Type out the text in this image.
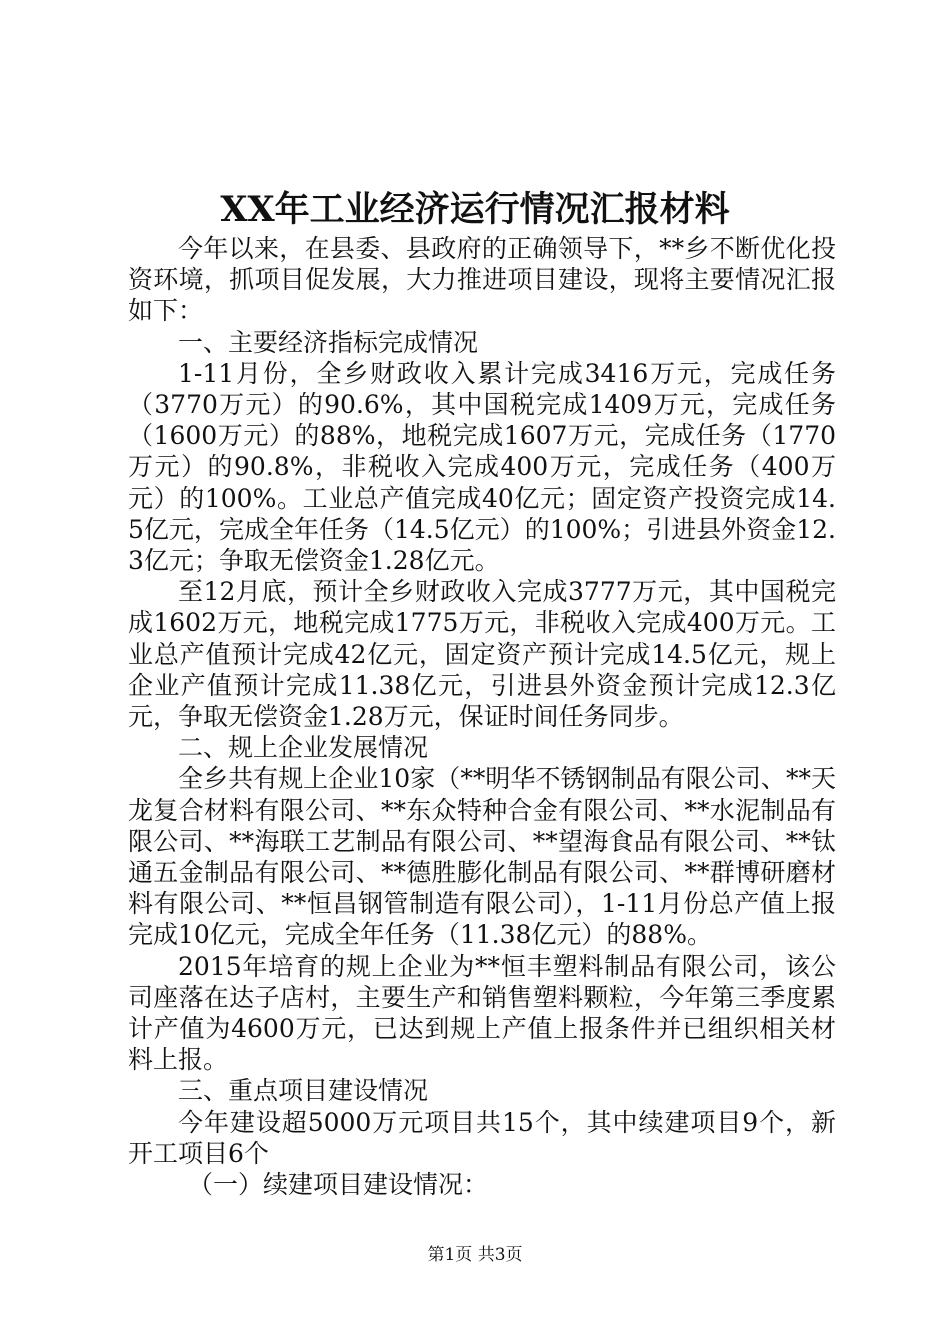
XX年工业经济运行情况汇报材料

今年以来，在县委、县政府的正确领导下，**乡不断优化投资环境，抓项目促发展，大力推进项目建设，现将主要情况汇报如下：

一、主要经济指标完成情况

1-11月份，全乡财政收入累计完成3416万元，完成任务（3770万元）的90.6%，其中国税完成1409万元，完成任务（1600万元）的88%，地税完成1607万元，完成任务（1770万元）的90.8%，非税收入完成400万元，完成任务（400万元）的100%。工业总产值完成40亿元；固定资产投资完成14.5亿元，完成全年任务（14.5亿元）的100%；引进县外资金12.3亿元；争取无偿资金1.28亿元。

至12月底，预计全乡财政收入完成3777万元，其中国税完成1602万元，地税完成1775万元，非税收入完成400万元。工业总产值预计完成42亿元，固定资产预计完成14.5亿元，规上企业产值预计完成11.38亿元，引进县外资金预计完成12.3亿元，争取无偿资金1.28万元，保证时间任务同步。

二、规上企业发展情况

全乡共有规上企业10家（**明华不锈钢制品有限公司、**天龙复合材料有限公司、**东众特种合金有限公司、**水泥制品有限公司、**海联工艺制品有限公司、**望海食品有限公司、**钛通五金制品有限公司、**德胜膨化制品有限公司、**群博研磨材料有限公司、**恒昌钢管制造有限公司），1-11月份总产值上报完成10亿元，完成全年任务（11.38亿元）的88%。

2015年培育的规上企业为**恒丰塑料制品有限公司，该公司座落在达子店村，主要生产和销售塑料颗粒，今年第三季度累计产值为4600万元，已达到规上产值上报条件并已组织相关材料上报。

三、重点项目建设情况

今年建设超5000万元项目共15个，其中续建项目9个，新开工项目6个

（一）续建项目建设情况：

第1页 共3页
